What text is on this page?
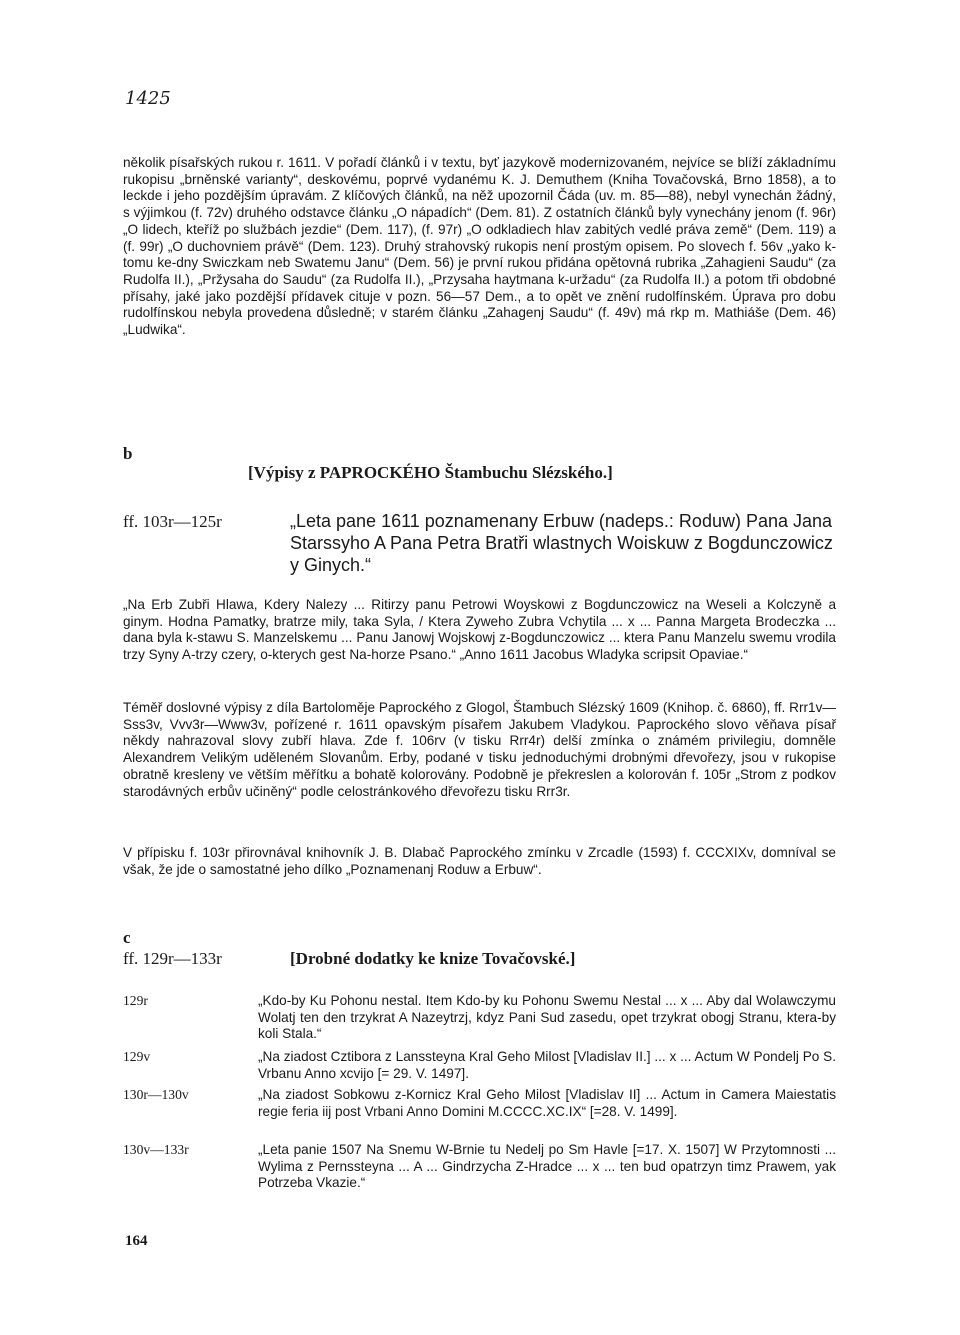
1425

několik písařských rukou r. 1611. V pořadí článků i v textu, byť jazykově modernizovaném, nejvíce se blíží základnímu rukopisu „brněnské varianty“, deskovému, poprvé vydanému K. J. Demuthem (Kniha Tovačovská, Brno 1858), a to leckde i jeho pozdějším úpravám. Z klíčových článků, na něž upozornil Čáda (uv. m. 85—88), nebyl vynechán žádný, s výjimkou (f. 72v) druhého odstavce článku „O nápadích“ (Dem. 81). Z ostatních článků byly vynechány jenom (f. 96r) „O lidech, kteříž po službách jezdie“ (Dem. 117), (f. 97r) „O odkladiech hlav zabitých vedlé práva země“ (Dem. 119) a (f. 99r) „O duchovniem právě“ (Dem. 123). Druhý strahovský rukopis není prostým opisem. Po slovech f. 56v „yako k-tomu ke-dny Swiczkam neb Swatemu Janu“ (Dem. 56) je první rukou přidána opětovná rubrika „Zahagieni Saudu“ (za Rudolfa II.), „Pržysaha do Saudu“ (za Rudolfa II.), „Przysaha haytmana k-uržadu“ (za Rudolfa II.) a potom tři obdobné přísahy, jaké jako pozdější přídavek cituje v pozn. 56—57 Dem., a to opět ve znění rudolfínském. Úprava pro dobu rudolfínskou nebyla provedena důsledně; v starém článku „Zahagenj Saudu“ (f. 49v) má rkp m. Mathiáše (Dem. 46) „Ludwika“.

b
[Výpisy z PAPROCKÉHO Štambuchu Slézského.]
ff. 103r—125r	„Leta pane 1611 poznamenany Erbuw (nadeps.: Roduw) Pana Jana Starssyho A Pana Petra Bratři wlastnych Woiskuw z Bogdunczowicz y Ginych.“

„Na Erb Zubři Hlawa, Kdery Nalezy ... Ritirzy panu Petrowi Woyskowi z Bogdunczowicz na Weseli a Kolczyně a ginym. Hodna Pamatky, bratrze mily, taka Syla, / Ktera Zyweho Zubra Vchytila ... x ... Panna Margeta Brodeczka ... dana byla k-stawu S. Manzelskemu ... Panu Janowj Wojskowj z-Bogdunczowicz ... ktera Panu Manzelu swemu vrodila trzy Syny A-trzy czery, o-kterych gest Na-horze Psano.“ „Anno 1611 Jacobus Wladyka scripsit Opaviae.“

Téměř doslovné výpisy z díla Bartoloměje Paprockého z Glogol, Štambuch Slézský 1609 (Knihop. č. 6860), ff. Rrr1v—Sss3v, Vvv3r—Www3v, pořízené r. 1611 opavským písařem Jakubem Vladykou. Paprockého slovo věňava písař někdy nahrazoval slovy zubří hlava. Zde f. 106rv (v tisku Rrr4r) delší zmínka o známém privilegiu, domněle Alexandrem Velikým uděleném Slovanům. Erby, podané v tisku jednoduchými drobnými dřevořezy, jsou v rukopise obratně kresleny ve větším měřítku a bohatě kolorovány. Podobně je překreslen a kolorován f. 105r „Strom z podkov starodávných erbův učiněný“ podle celostránkového dřevořezu tisku Rrr3r.

V přípisku f. 103r přirovnával knihovník J. B. Dlabač Paprockého zmínku v Zrcadle (1593) f. CCCXIXv, domníval se však, že jde o samostatné jeho dílko „Poznamenanj Roduw a Erbuw“.

c
ff. 129r—133r	[Drobné dodatky ke knize Tovačovské.]
129r	„Kdo-by Ku Pohonu nestal. Item Kdo-by ku Pohonu Swemu Nestal ... x ... Aby dal Wolawczymu Wolatj ten den trzykrat A Nazeytrzj, kdyz Pani Sud zasedu, opet trzykrat obogj Stranu, ktera-by koli Stala.“

129v	„Na ziadost Cztibora z Lanssteyna Kral Geho Milost [Vladislav II.] ... x ... Actum W Pondelj Po S. Vrbanu Anno xcvijo [= 29. V. 1497].

130r—130v	„Na ziadost Sobkowu z-Kornicz Kral Geho Milost [Vladislav II] ... Actum in Camera Maiestatis regie feria iij post Vrbani Anno Domini M.CCCC.XC.IX“ [=28. V. 1499].

130v—133r	„Leta panie 1507 Na Snemu W-Brnie tu Nedelj po Sm Havle [=17. X. 1507] W Przytomnosti ... Wylima z Pernssteyna ... A ... Gindrzycha Z-Hradce ... x ... ten bud opatrzyn timz Prawem, yak Potrzeba Vkazie.“

164
